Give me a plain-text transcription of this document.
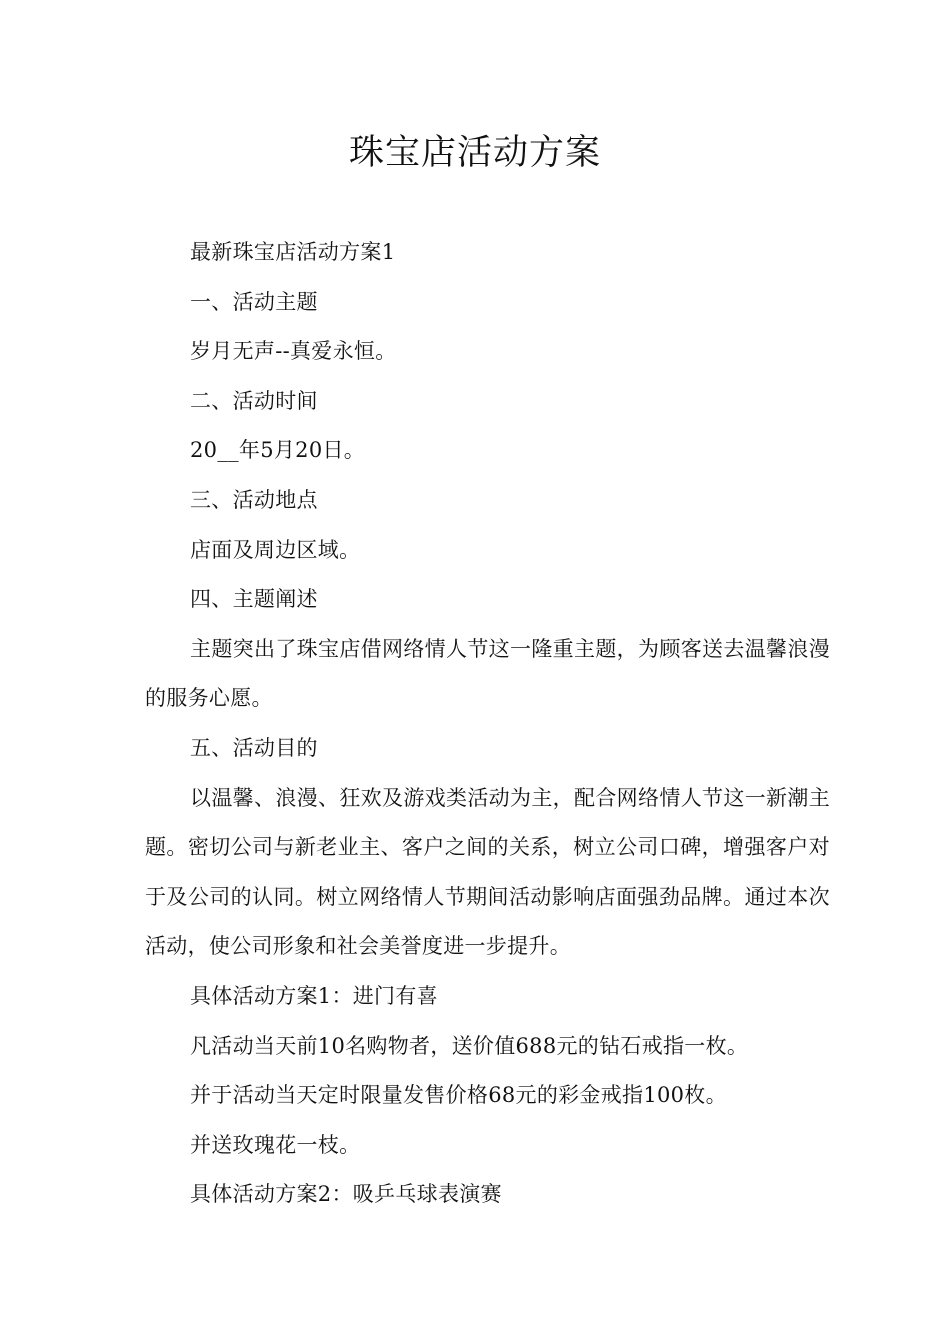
珠宝店活动方案

最新珠宝店活动方案1

一、活动主题

岁月无声--真爱永恒。

二、活动时间

20__年5月20日。

三、活动地点

店面及周边区域。

四、主题阐述

主题突出了珠宝店借网络情人节这一隆重主题，为顾客送去温馨浪漫的服务心愿。

五、活动目的

以温馨、浪漫、狂欢及游戏类活动为主，配合网络情人节这一新潮主题。密切公司与新老业主、客户之间的关系，树立公司口碑，增强客户对于及公司的认同。树立网络情人节期间活动影响店面强劲品牌。通过本次活动，使公司形象和社会美誉度进一步提升。

具体活动方案1：进门有喜

凡活动当天前10名购物者，送价值688元的钻石戒指一枚。

并于活动当天定时限量发售价格68元的彩金戒指100枚。

并送玫瑰花一枝。

具体活动方案2：吸乒乓球表演赛
